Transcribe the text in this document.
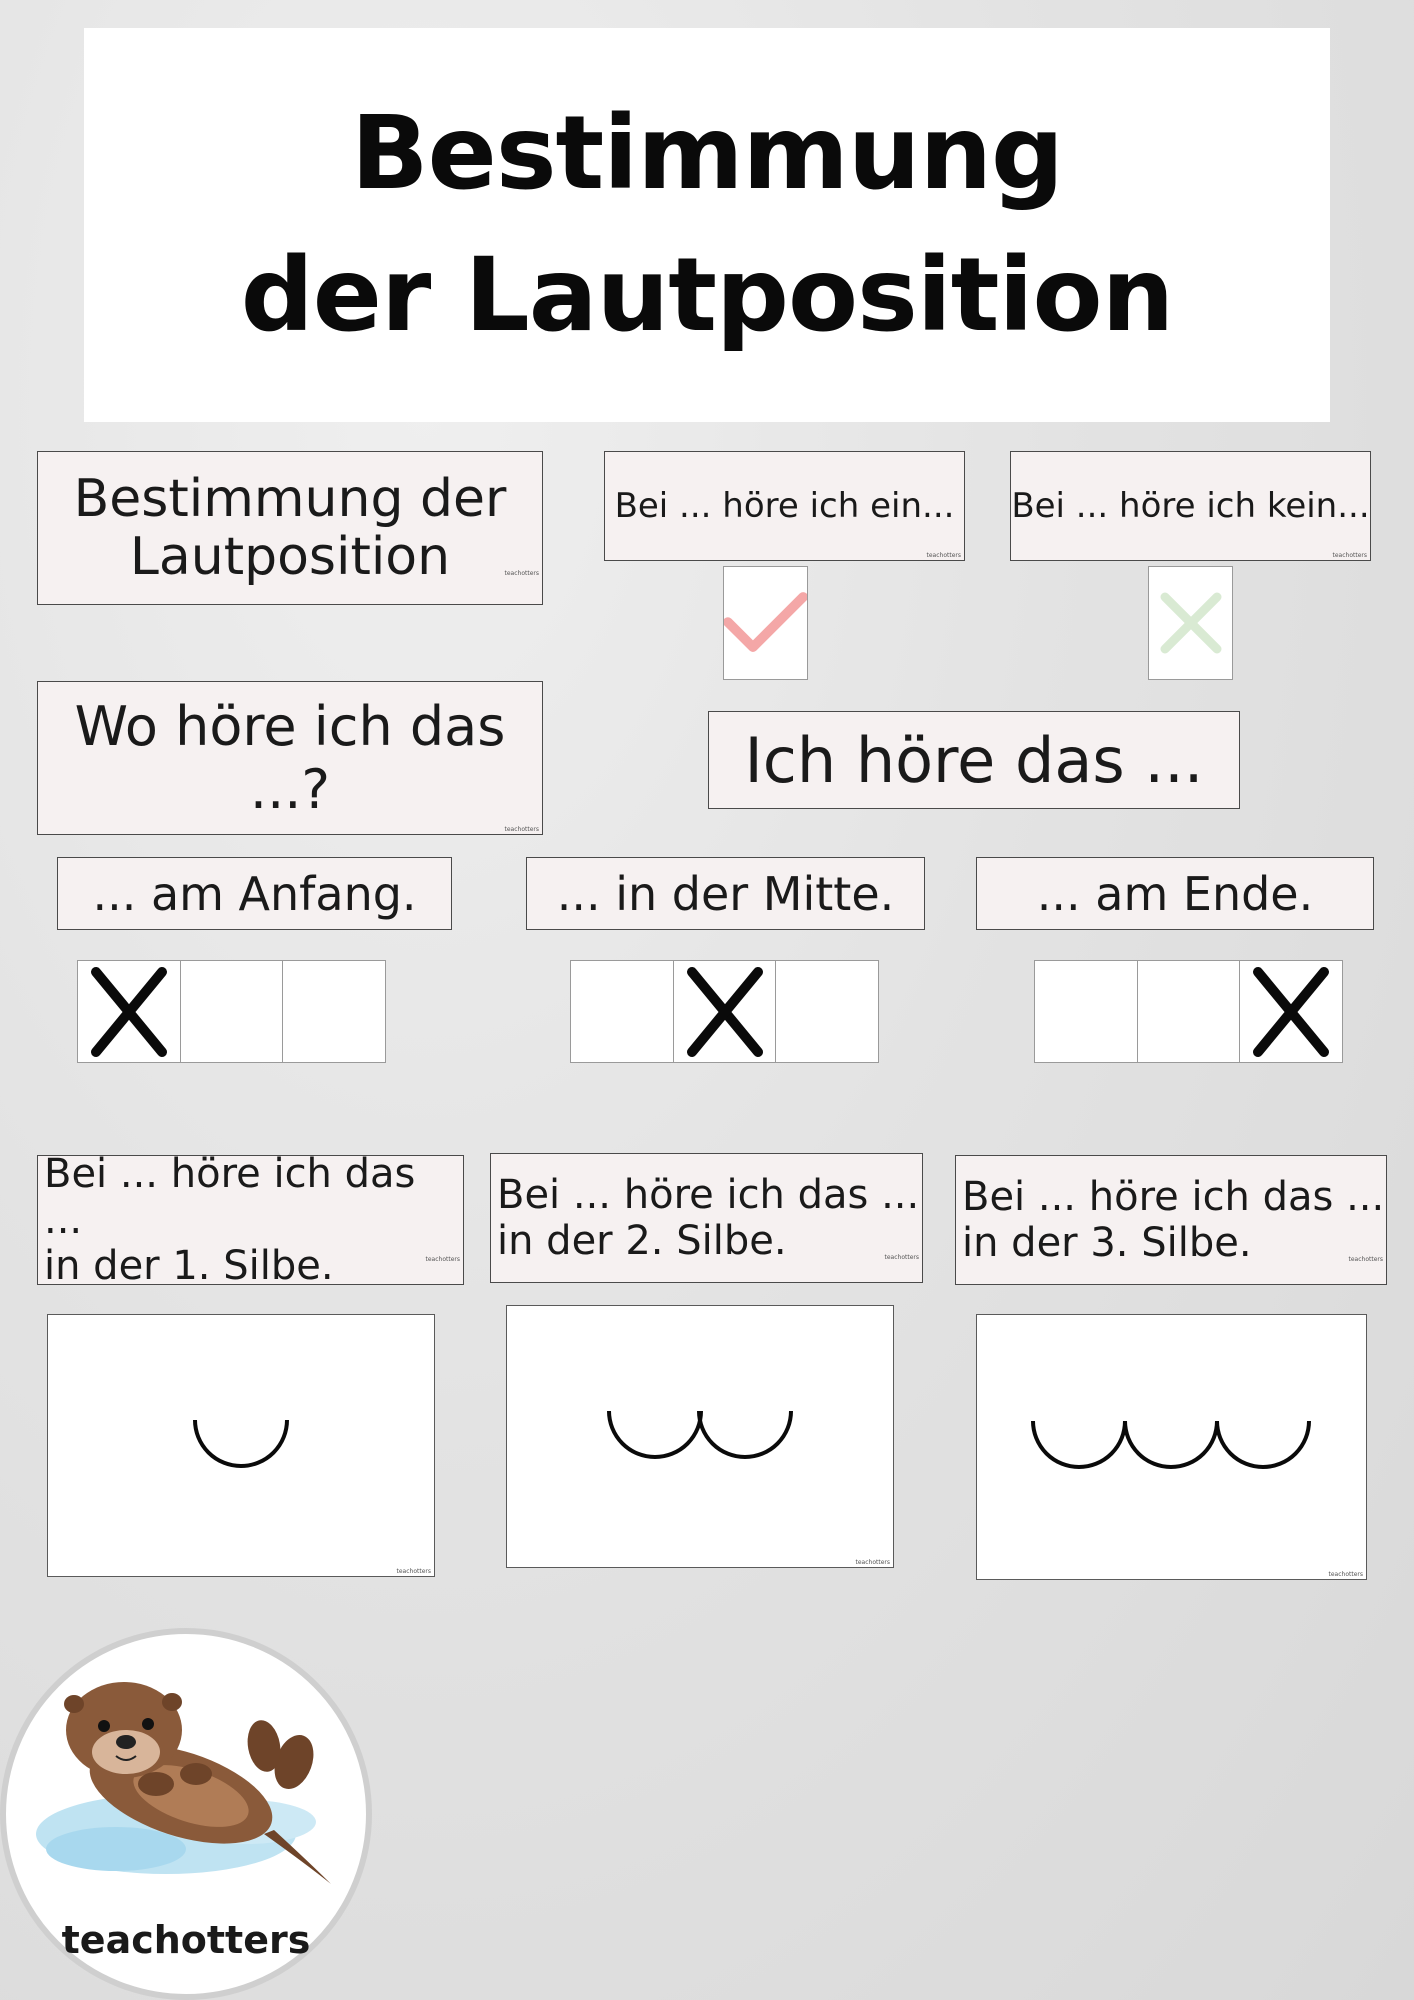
Bestimmung
der Lautposition
Bestimmung der
Lautposition	teachotters
Bei ... höre ich ein...
teachotters
Bei ... höre ich kein...
teachotters
Wo höre ich das ...?
teachotters
Ich höre das ...
... am Anfang.	... in der Mitte.	... am Ende.
Bei ... höre ich das ...
in der 1. Silbe.	teachotters
Bei ... höre ich das ...
in der 2. Silbe.	teachotters
Bei ... höre ich das ...
in der 3. Silbe.	teachotters
teachotters
teachotters
teachotters
teachotters
